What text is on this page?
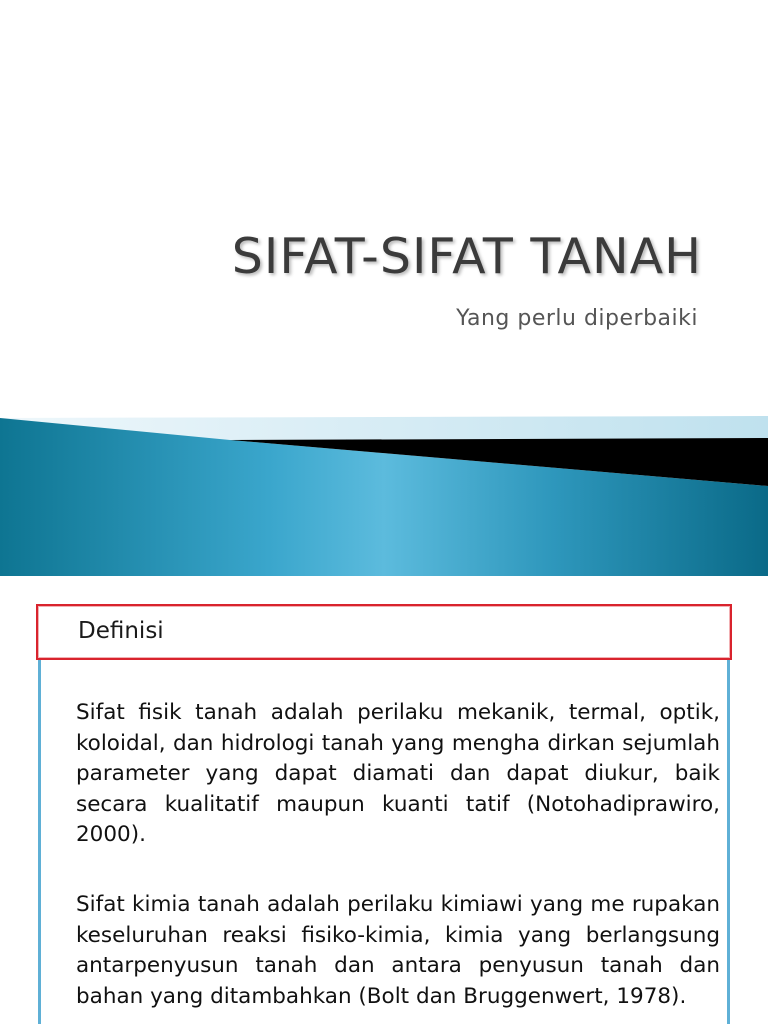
SIFAT-SIFAT TANAH

Yang perlu diperbaiki

Definisi

Sifat fisik tanah adalah perilaku mekanik, termal, optik, koloidal, dan hidrologi tanah yang mengha dirkan sejumlah parameter yang dapat diamati dan dapat diukur, baik secara kualitatif maupun kuanti tatif (Notohadiprawiro, 2000).

Sifat kimia tanah adalah perilaku kimiawi yang me rupakan keseluruhan reaksi fisiko-kimia, kimia yang berlangsung antarpenyusun tanah dan antara penyusun tanah dan bahan yang ditambahkan (Bolt dan Bruggenwert, 1978).
